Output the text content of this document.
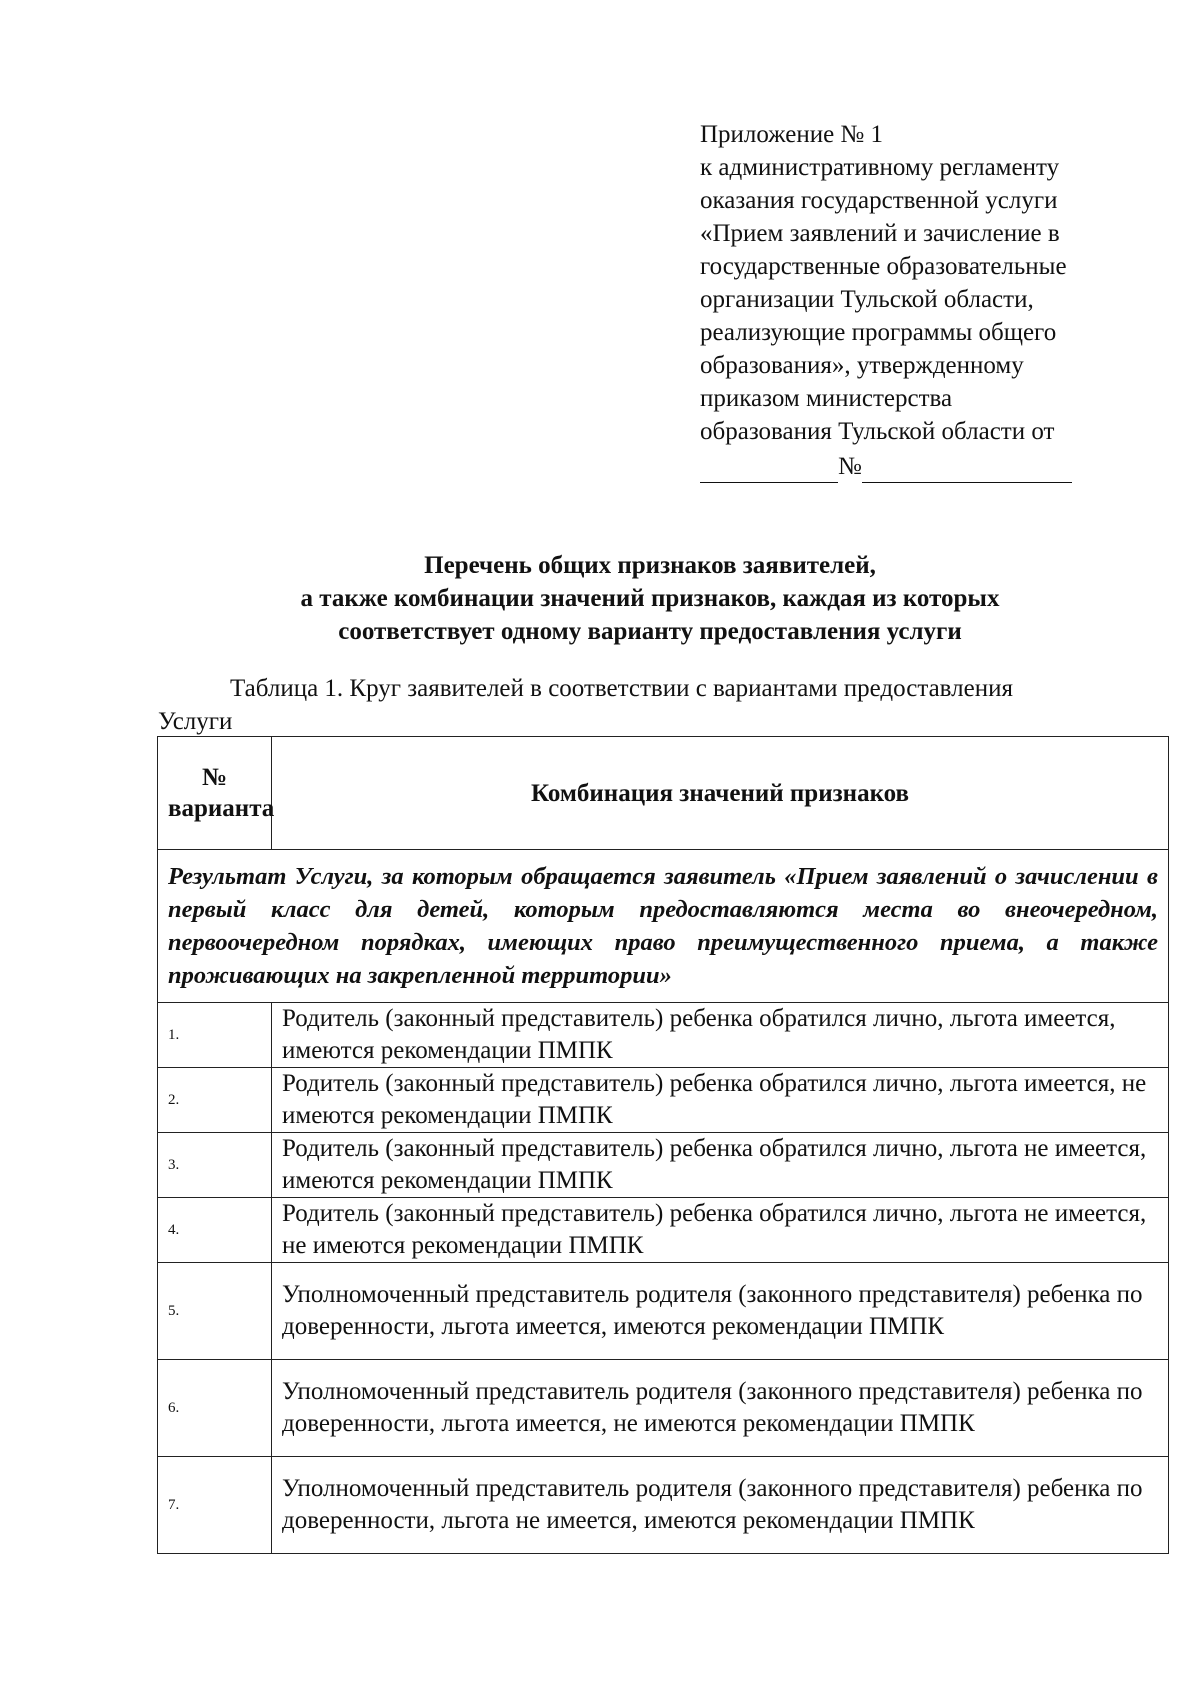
Приложение № 1
к административному регламенту
оказания государственной услуги
«Прием заявлений и зачисление в
государственные образовательные
организации Тульской области,
реализующие программы общего
образования», утвержденному
приказом министерства
образования Тульской области от
№
Перечень общих признаков заявителей,
а также комбинации значений признаков, каждая из которых
соответствует одному варианту предоставления услуги
Таблица 1. Круг заявителей в соответствии с вариантами предоставления
Услуги
№ варианта	Комбинация значений признаков
Результат Услуги, за которым обращается заявитель «Прием заявлений о зачислении в первый класс для детей, которым предоставляются места во внеочередном, первоочередном порядках, имеющих право преимущественного приема, а также проживающих на закрепленной территории»	
1.	Родитель (законный представитель) ребенка обратился лично, льгота имеется, имеются рекомендации ПМПК
2.	Родитель (законный представитель) ребенка обратился лично, льгота имеется, не имеются рекомендации ПМПК
3.	Родитель (законный представитель) ребенка обратился лично, льгота не имеется, имеются рекомендации ПМПК
4.	Родитель (законный представитель) ребенка обратился лично, льгота не имеется, не имеются рекомендации ПМПК
5.	Уполномоченный представитель родителя (законного представителя) ребенка по доверенности, льгота имеется, имеются рекомендации ПМПК
6.	Уполномоченный представитель родителя (законного представителя) ребенка по доверенности, льгота имеется, не имеются рекомендации ПМПК
7.	Уполномоченный представитель родителя (законного представителя) ребенка по доверенности, льгота не имеется, имеются рекомендации ПМПК
